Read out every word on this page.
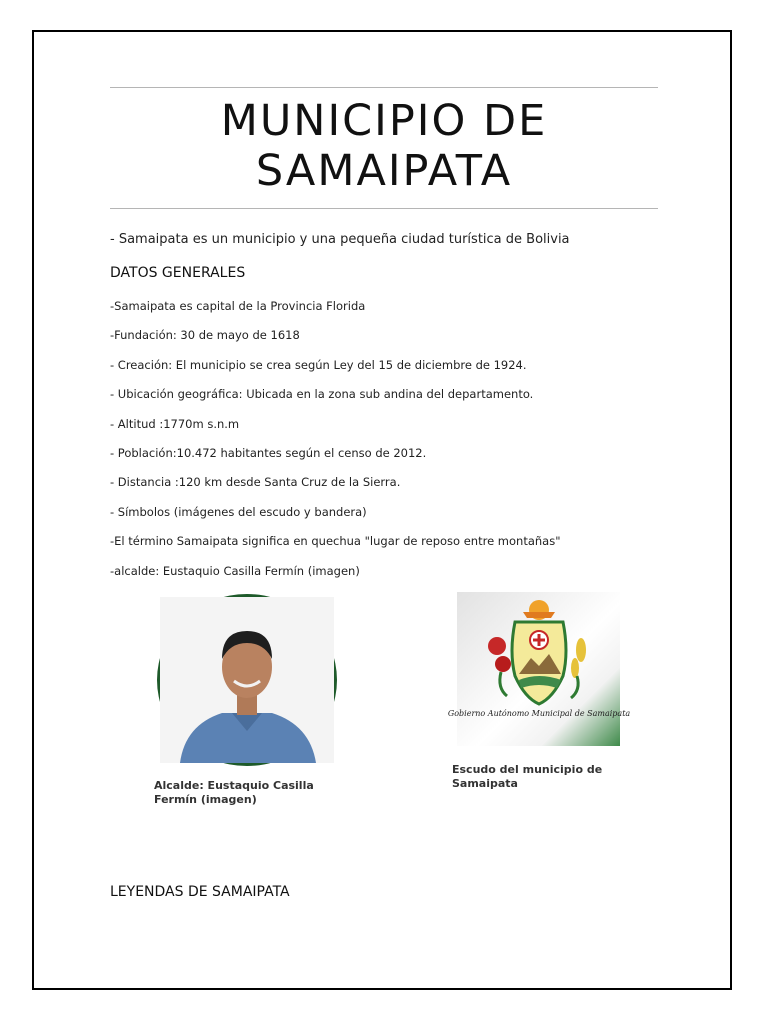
MUNICIPIO DE SAMAIPATA
- Samaipata es un municipio y una pequeña ciudad turística de Bolivia
DATOS GENERALES
-Samaipata es capital de la Provincia Florida
-Fundación: 30 de mayo de 1618
- Creación: El municipio se crea según Ley del 15 de diciembre de 1924.
- Ubicación geográfica: Ubicada en la zona sub andina del departamento.
- Altitud :1770m s.n.m
- Población:10.472 habitantes según el censo de 2012.
- Distancia :120 km desde Santa Cruz de la Sierra.
- Símbolos (imágenes del escudo y bandera)
-El término Samaipata significa en quechua "lugar de reposo entre montañas"
-alcalde: Eustaquio Casilla Fermín (imagen)
Gobierno Autónomo Municipal de Samaipata
Alcalde: Eustaquio Casilla Fermín (imagen)
Escudo del municipio de Samaipata
LEYENDAS DE SAMAIPATA
